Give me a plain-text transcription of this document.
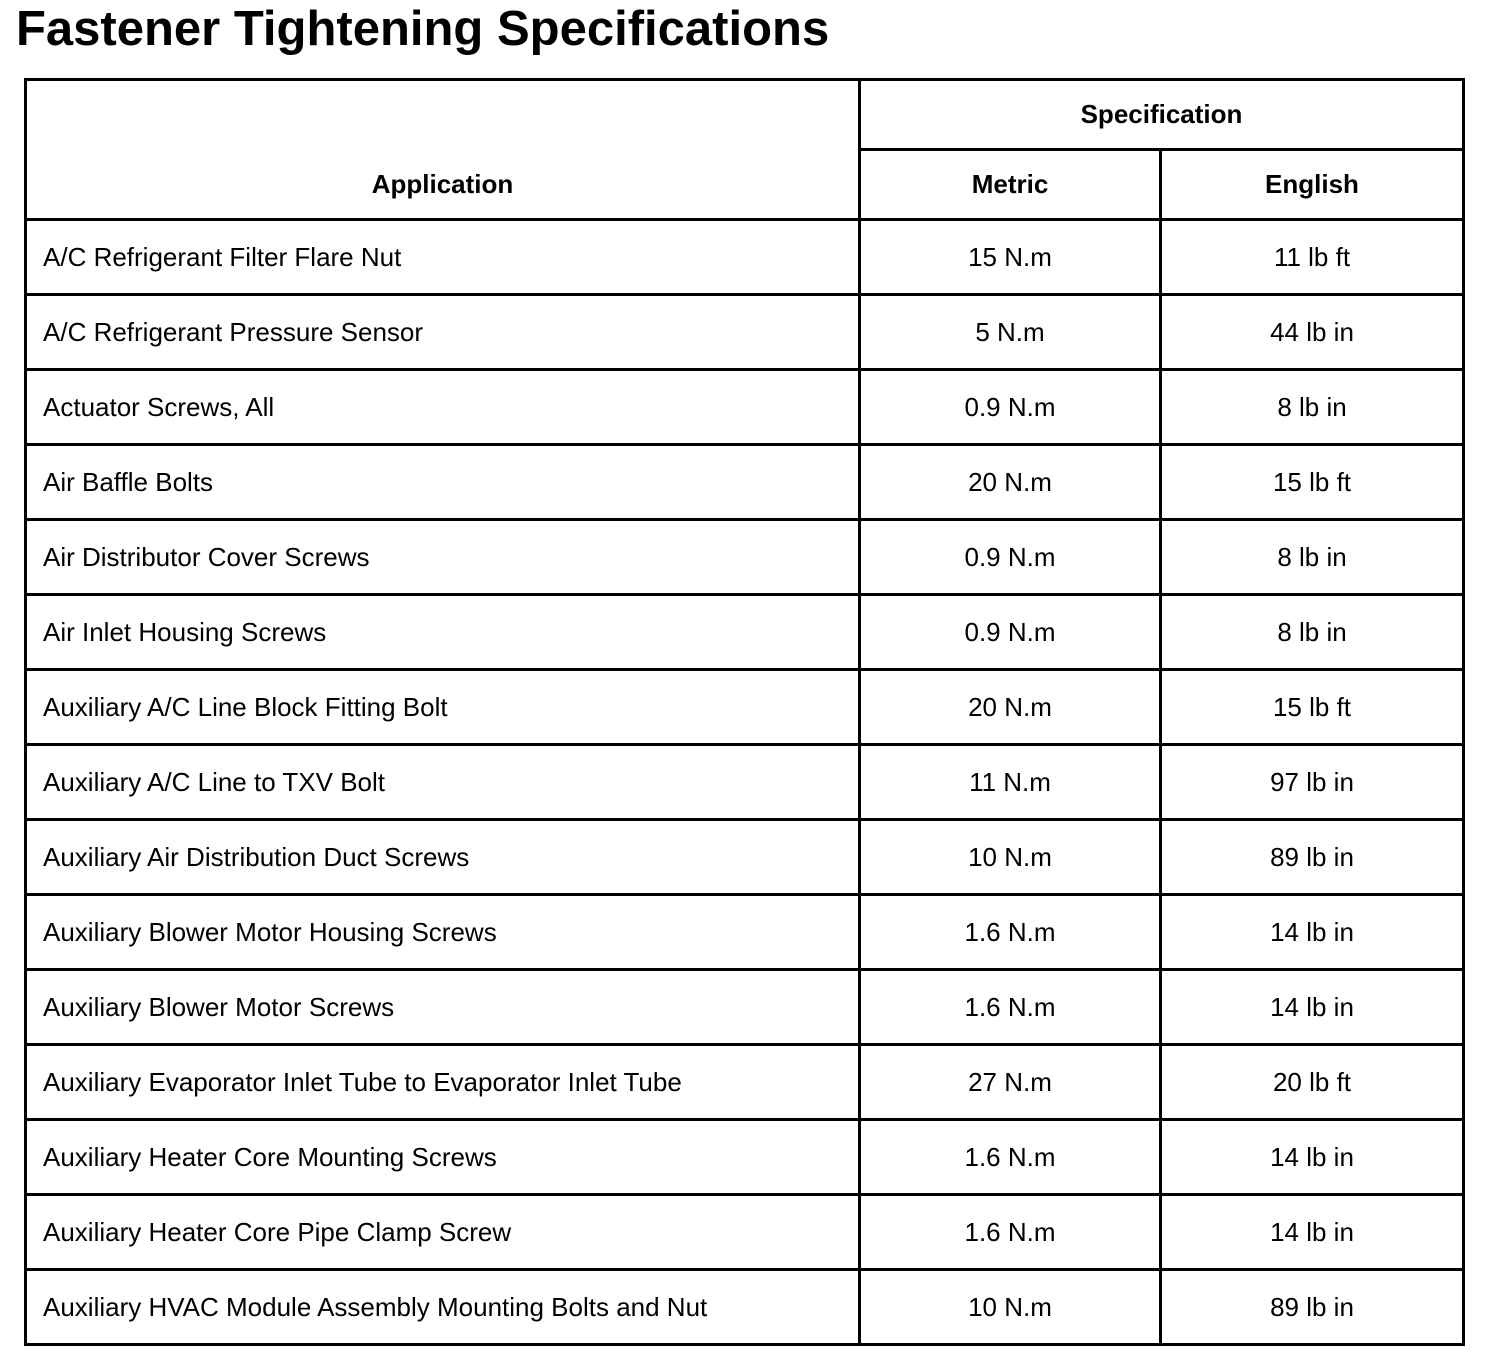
Fastener Tightening Specifications
Application	Specification	
	Metric	English
A/C Refrigerant Filter Flare Nut	15 N.m	11 lb ft
A/C Refrigerant Pressure Sensor	5 N.m	44 lb in
Actuator Screws, All	0.9 N.m	8 lb in
Air Baffle Bolts	20 N.m	15 lb ft
Air Distributor Cover Screws	0.9 N.m	8 lb in
Air Inlet Housing Screws	0.9 N.m	8 lb in
Auxiliary A/C Line Block Fitting Bolt	20 N.m	15 lb ft
Auxiliary A/C Line to TXV Bolt	11 N.m	97 lb in
Auxiliary Air Distribution Duct Screws	10 N.m	89 lb in
Auxiliary Blower Motor Housing Screws	1.6 N.m	14 lb in
Auxiliary Blower Motor Screws	1.6 N.m	14 lb in
Auxiliary Evaporator Inlet Tube to Evaporator Inlet Tube	27 N.m	20 lb ft
Auxiliary Heater Core Mounting Screws	1.6 N.m	14 lb in
Auxiliary Heater Core Pipe Clamp Screw	1.6 N.m	14 lb in
Auxiliary HVAC Module Assembly Mounting Bolts and Nut	10 N.m	89 lb in
